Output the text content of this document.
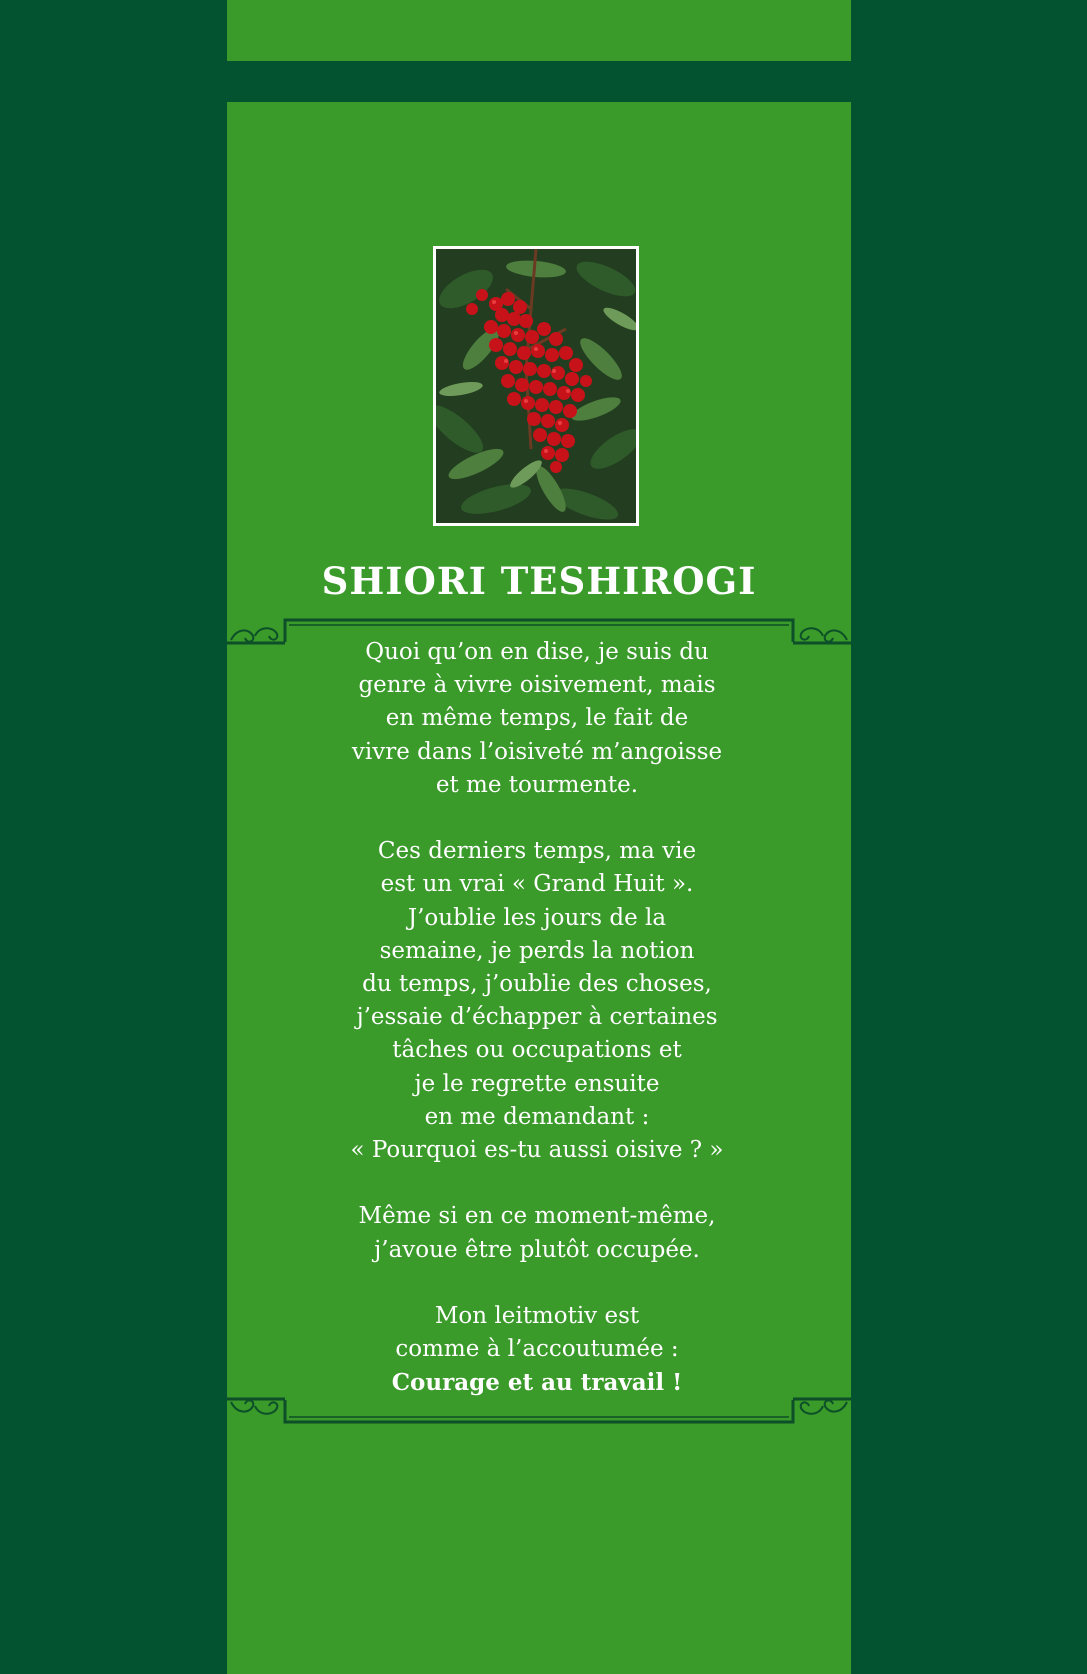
SHIORI TESHIROGI
Quoi qu’on en dise, je suis du
genre à vivre oisivement, mais
en même temps, le fait de
vivre dans l’oisiveté m’angoisse
et me tourmente.
Ces derniers temps, ma vie
est un vrai « Grand Huit ».
J’oublie les jours de la
semaine, je perds la notion
du temps, j’oublie des choses,
j’essaie d’échapper à certaines
tâches ou occupations et
je le regrette ensuite
en me demandant :
« Pourquoi es-tu aussi oisive ? »
Même si en ce moment-même,
j’avoue être plutôt occupée.
Mon leitmotiv est
comme à l’accoutumée :
Courage et au travail !
